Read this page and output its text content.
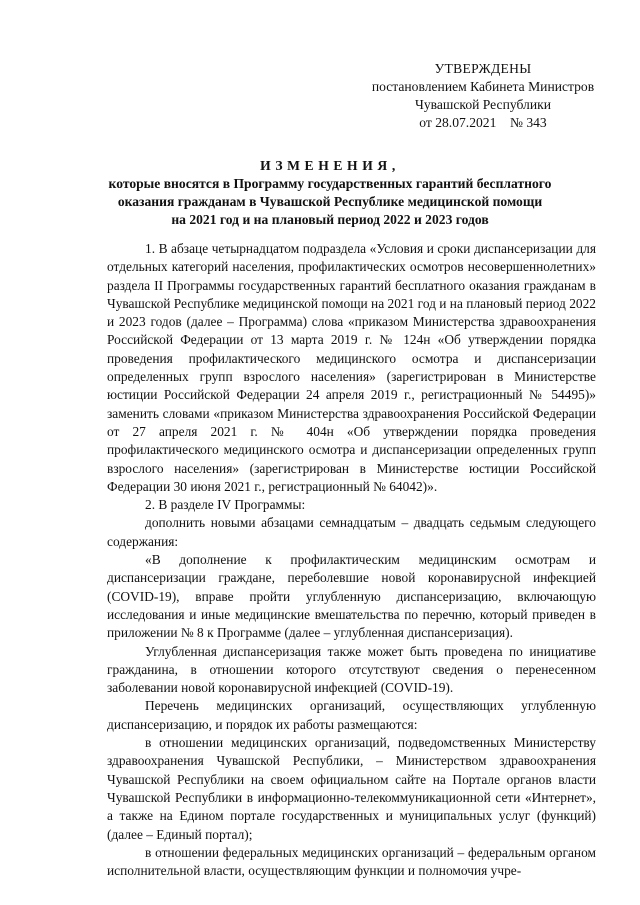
УТВЕРЖДЕНЫ
постановлением Кабинета Министров
Чувашской Республики
от 28.07.2021    № 343
ИЗМЕНЕНИЯ,
которые вносятся в Программу государственных гарантий бесплатного
оказания гражданам в Чувашской Республике медицинской помощи
на 2021 год и на плановый период 2022 и 2023 годов

1. В абзаце четырнадцатом подраздела «Условия и сроки диспансеризации для отдельных категорий населения, профилактических осмотров несовершеннолетних» раздела II Программы государственных гарантий бесплатного оказания гражданам в Чувашской Республике медицинской помощи на 2021 год и на плановый период 2022 и 2023 годов (далее – Программа) слова «приказом Министерства здравоохранения Российской Федерации от 13 марта 2019 г. № 124н «Об утверждении порядка проведения профилактического медицинского осмотра и диспансеризации определенных групп взрослого населения» (зарегистрирован в Министерстве юстиции Российской Федерации 24 апреля 2019 г., регистрационный № 54495)» заменить словами «приказом Министерства здравоохранения Российской Федерации от 27 апреля 2021 г. № 404н «Об утверждении порядка проведения профилактического медицинского осмотра и диспансеризации определенных групп взрослого населения» (зарегистрирован в Министерстве юстиции Российской Федерации 30 июня 2021 г., регистрационный № 64042)».

2. В разделе IV Программы:

дополнить новыми абзацами семнадцатым – двадцать седьмым следующего содержания:

«В дополнение к профилактическим медицинским осмотрам и диспансеризации граждане, переболевшие новой коронавирусной инфекцией (COVID-19), вправе пройти углубленную диспансеризацию, включающую исследования и иные медицинские вмешательства по перечню, который приведен в приложении № 8 к Программе (далее – углубленная диспансеризация).

Углубленная диспансеризация также может быть проведена по инициативе гражданина, в отношении которого отсутствуют сведения о перенесенном заболевании новой коронавирусной инфекцией (COVID-19).

Перечень медицинских организаций, осуществляющих углубленную диспансеризацию, и порядок их работы размещаются:

в отношении медицинских организаций, подведомственных Министерству здравоохранения Чувашской Республики, – Министерством здравоохранения Чувашской Республики на своем официальном сайте на Портале органов власти Чувашской Республики в информационно-телекоммуникационной сети «Интернет», а также на Едином портале государственных и муниципальных услуг (функций) (далее – Единый портал);

в отношении федеральных медицинских организаций – федеральным органом исполнительной власти, осуществляющим функции и полномочия учре-
